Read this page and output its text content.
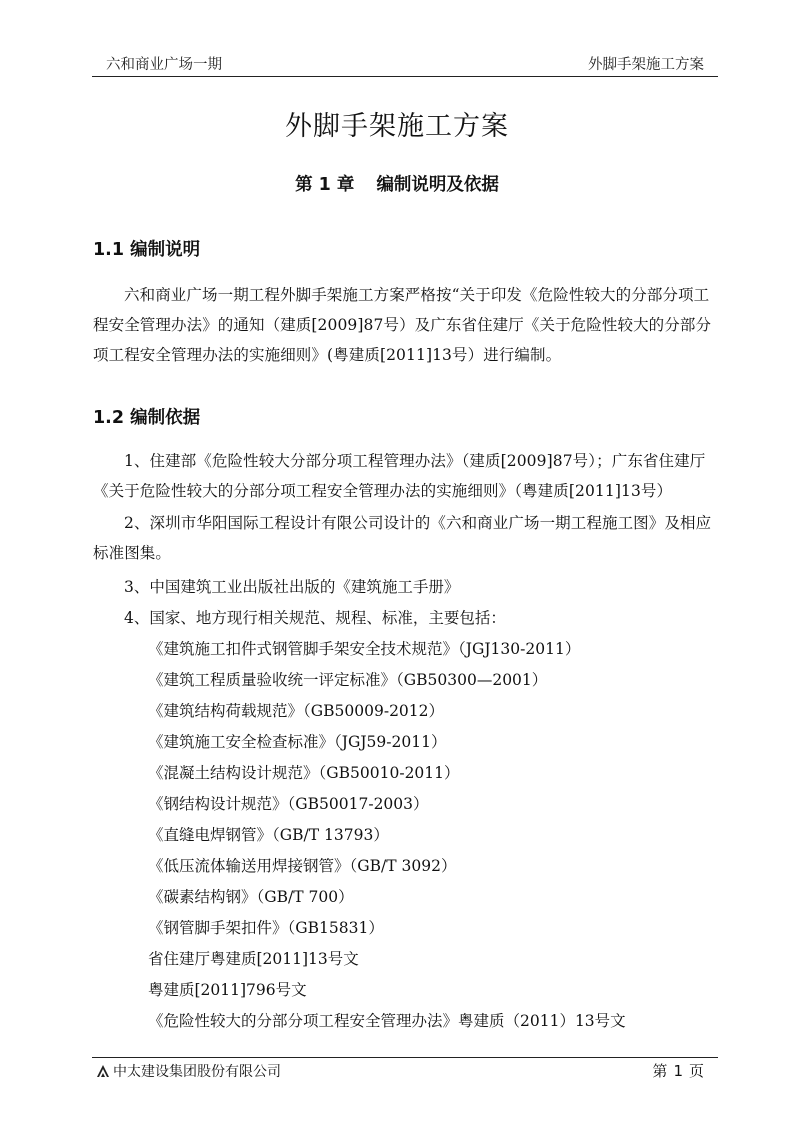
六和商业广场一期	外脚手架施工方案
外脚手架施工方案
第 1 章 编制说明及依据
1.1 编制说明
六和商业广场一期工程外脚手架施工方案严格按“关于印发《危险性较大的分部分项工程安全管理办法》的通知（建质[2009]87号）及广东省住建厅《关于危险性较大的分部分项工程安全管理办法的实施细则》(粤建质[2011]13号）进行编制。
1.2 编制依据
1、住建部《危险性较大分部分项工程管理办法》（建质[2009]87号）；广东省住建厅《关于危险性较大的分部分项工程安全管理办法的实施细则》（粤建质[2011]13号）
2、深圳市华阳国际工程设计有限公司设计的《六和商业广场一期工程施工图》及相应标准图集。
3、中国建筑工业出版社出版的《建筑施工手册》
4、国家、地方现行相关规范、规程、标准，主要包括：
《建筑施工扣件式钢管脚手架安全技术规范》（JGJ130-2011）
《建筑工程质量验收统一评定标准》（GB50300—2001）
《建筑结构荷载规范》（GB50009-2012）
《建筑施工安全检查标准》（JGJ59-2011）
《混凝土结构设计规范》（GB50010-2011）
《钢结构设计规范》（GB50017-2003）
《直缝电焊钢管》（GB/T 13793）
《低压流体输送用焊接钢管》（GB/T 3092）
《碳素结构钢》（GB/T 700）
《钢管脚手架扣件》（GB15831）
省住建厅粤建质[2011]13号文
粤建质[2011]796号文
《危险性较大的分部分项工程安全管理办法》粤建质（2011）13号文
中太建设集团股份有限公司	第 1 页
